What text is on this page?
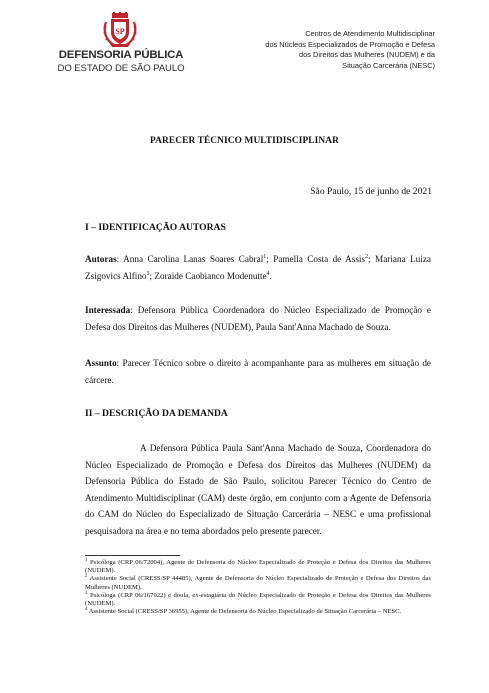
SP
DEFENSORIA PÚBLICA
DO ESTADO DE SÃO PAULO
Centros de Atendimento Multidisciplinar
dos Núcleos Especializados de Promoção e Defesa
dos Direitos das Mulheres (NUDEM) e da
Situação Carcerária (NESC)
PARECER TÉCNICO MULTIDISCIPLINAR
São Paulo, 15 de junho de 2021
I – IDENTIFICAÇÃO AUTORAS
Autoras: Anna Carolina Lanas Soares Cabral$^1$; Pamella Costa de Assis$^2$; Mariana Luiza Zsigovics Alfino$^3$; Zoraide Caobianco Modenutte$^4$.
Interessada: Defensora Pública Coordenadora do Núcleo Especializado de Promoção e Defesa dos Direitos das Mulheres (NUDEM), Paula Sant'Anna Machado de Souza.
Assunto: Parecer Técnico sobre o direito à acompanhante para as mulheres em situação de cárcere.
II – DESCRIÇÃO DA DEMANDA
A Defensora Pública Paula Sant'Anna Machado de Souza, Coordenadora do Núcleo Especializado de Promoção e Defesa dos Direitos das Mulheres (NUDEM) da Defensoria Pública do Estado de São Paulo, solicitou Parecer Técnico do Centro de Atendimento Multidisciplinar (CAM) deste órgão, em conjunto com a Agente de Defensoria do CAM do Núcleo do Especializado de Situação Carcerária – NESC e uma profissional pesquisadora na área e no tema abordados pelo presente parecer.
$^1$ Psicóloga (CRP 06/72004), Agente de Defensoria do Núcleo Especializado de Proteção e Defesa dos Direitos das Mulheres (NUDEM).
$^2$ Assistente Social (CRESS/SP 44485), Agente de Defensoria do Núcleo Especializado de Proteção e Defesa dos Direitos das Mulheres (NUDEM).
$^3$ Psicóloga (CRP 06/167922) e doula, ex-estagiária do Núcleo Especializado de Proteção e Defesa dos Direitos das Mulheres (NUDEM).
$^4$ Assistente Social (CRESS/SP 36955), Agente de Defensoria do Núcleo Especializado de Situação Carcerária – NESC.
